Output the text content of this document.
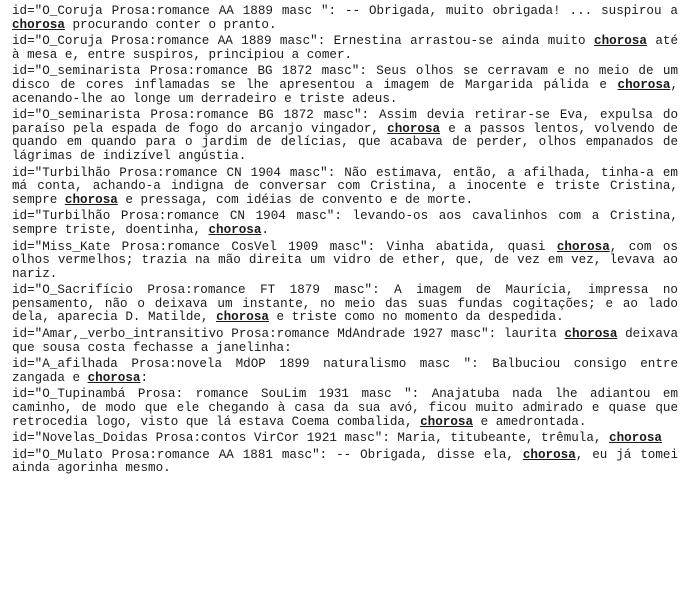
id="O_Coruja Prosa:romance AA 1889 masc ": -- Obrigada, muito obrigada! ... suspirou a chorosa procurando conter o pranto.

id="O_Coruja Prosa:romance AA 1889 masc": Ernestina arrastou-se ainda muito chorosa até à mesa e, entre suspiros, principiou a comer.

id="O_seminarista Prosa:romance BG 1872 masc": Seus olhos se cerravam e no meio de um disco de cores inflamadas se lhe apresentou a imagem de Margarida pálida e chorosa, acenando-lhe ao longe um derradeiro e triste adeus.

id="O_seminarista Prosa:romance BG 1872 masc": Assim devia retirar-se Eva, expulsa do paraíso pela espada de fogo do arcanjo vingador, chorosa e a passos lentos, volvendo de quando em quando para o jardim de delícias, que acabava de perder, olhos empanados de lágrimas de indizível angústia.

id="Turbilhão Prosa:romance CN 1904 masc": Não estimava, então, a afilhada, tinha-a em má conta, achando-a indigna de conversar com Cristina, a inocente e triste Cristina, sempre chorosa e pressaga, com idéias de convento e de morte.

id="Turbilhão Prosa:romance CN 1904 masc": levando-os aos cavalinhos com a Cristina, sempre triste, doentinha, chorosa.

id="Miss_Kate Prosa:romance CosVel 1909 masc": Vinha abatida, quasi chorosa, com os olhos vermelhos; trazia na mão direita um vidro de ether, que, de vez em vez, levava ao nariz.

id="O_Sacrifício Prosa:romance FT 1879 masc": A imagem de Maurícia, impressa no pensamento, não o deixava um instante, no meio das suas fundas cogitações; e ao lado dela, aparecia D. Matilde, chorosa e triste como no momento da despedida.

id="Amar,_verbo_intransitivo Prosa:romance MdAndrade 1927 masc": laurita chorosa deixava que sousa costa fechasse a janelinha:

id="A_afilhada Prosa:novela MdOP 1899 naturalismo masc ": Balbuciou consigo entre zangada e chorosa:

id="O_Tupinambá Prosa: romance SouLim 1931 masc ": Anajatuba nada lhe adiantou em caminho, de modo que ele chegando à casa da sua avó, ficou muito admirado e quase que retrocedia logo, visto que lá estava Coema combalida, chorosa e amedrontada.

id="Novelas_Doidas Prosa:contos VirCor 1921 masc": Maria, titubeante, trêmula, chorosa

id="O_Mulato Prosa:romance AA 1881 masc": -- Obrigada, disse ela, chorosa, eu já tomei ainda agorinha mesmo.
